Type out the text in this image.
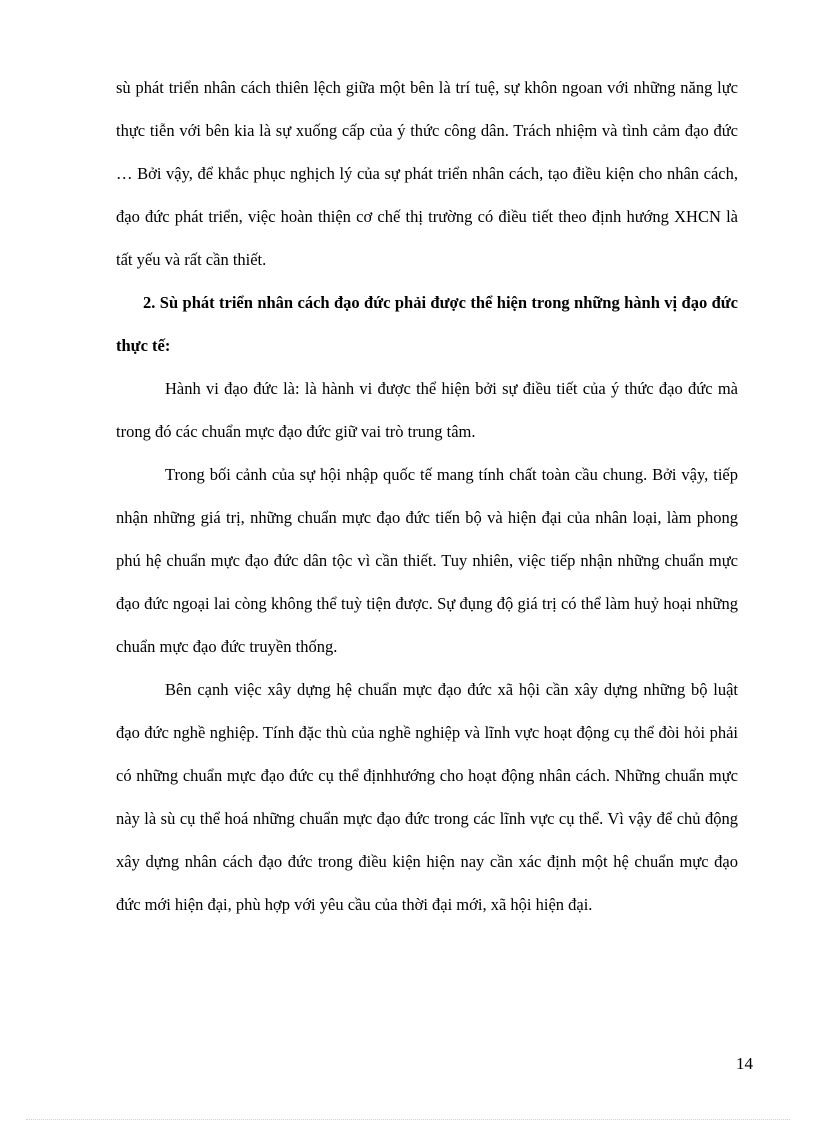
sù phát triển nhân cách thiên lệch giữa một bên là trí tuệ, sự khôn ngoan với những năng lực thực tiễn với bên kia là sự xuống cấp của ý thức công dân. Trách nhiệm và tình cảm đạo đức … Bởi vậy, để khắc phục nghịch lý của sự phát triển nhân cách, tạo điều kiện cho nhân cách, đạo đức phát triển, việc hoàn thiện cơ chế thị trường có điều tiết theo định hướng XHCN là tất yếu và rất cần thiết.

2. Sù phát triển nhân cách đạo đức phải được thể hiện trong những hành vị đạo đức thực tế:

Hành vi đạo đức là: là hành vi được thể hiện bởi sự điều tiết của ý thức đạo đức mà trong đó các chuẩn mực đạo đức giữ vai trò trung tâm.

Trong bối cảnh của sự hội nhập quốc tế mang tính chất toàn cầu chung. Bởi vậy, tiếp nhận những giá trị, những chuẩn mực đạo đức tiến bộ và hiện đại của nhân loại, làm phong phú hệ chuẩn mực đạo đức dân tộc vì cần thiết. Tuy nhiên, việc tiếp nhận những chuẩn mực đạo đức ngoại lai còng không thể tuỳ tiện được. Sự đụng độ giá trị có thể làm huỷ hoại những chuẩn mực đạo đức truyền thống.

Bên cạnh việc xây dựng hệ chuẩn mực đạo đức xã hội cần xây dựng những bộ luật đạo đức nghề nghiệp. Tính đặc thù của nghề nghiệp và lĩnh vực hoạt động cụ thể đòi hỏi phải có những chuẩn mực đạo đức cụ thể địnhhướng cho hoạt động nhân cách. Những chuẩn mực này là sù cụ thể hoá những chuẩn mực đạo đức trong các lĩnh vực cụ thể. Vì vậy để chủ động xây dựng nhân cách đạo đức trong điều kiện hiện nay cần xác định một hệ chuẩn mực đạo đức mới hiện đại, phù hợp với yêu cầu của thời đại mới, xã hội hiện đại.

14
